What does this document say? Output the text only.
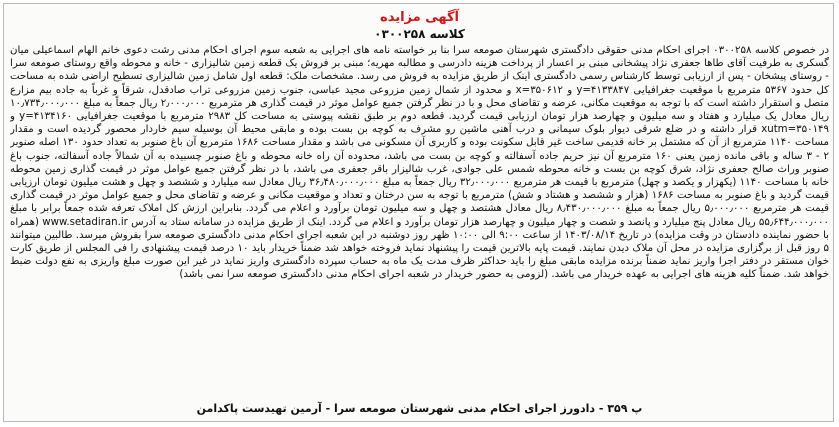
آگهی مزایده
کلاسه ۰۳۰۰۲۵۸

در خصوص کلاسه ۰۳۰۰۲۵۸ اجرای احکام مدنی حقوقی دادگستری شهرستان صومعه سرا بنا بر خواسته نامه های اجرایی به شعبه سوم اجرای احکام مدنی رشت دعوی خانم الهام اسماعیلی میان گسکری به طرفیت آقای طاها جعفری نژاد پیشخانی مبنی بر اعسار از پرداخت هزینه دادرسی و مطالبه مهریه؛ مبنی بر فروش یک قطعه زمین شالیزاری - خانه و محوطه واقع روستای صومعه سرا - روستای پیشخان - پس از ارزیابی توسط کارشناس رسمی دادگستری اینک از طریق مزایده به فروش می رسد. مشخصات ملک: قطعه اول شامل زمین شالیزاری تسطیح اراضی شده به مساحت کل حدود ۵۳۶۷ مترمربع با موقعیت جغرافیایی ۴۱۳۳۸۴۷=y و ۳۵۰۶۱۲=x و محدود از شمال زمین مزروعی مجید عباسی، جنوب زمین مزروعی تراب صادقدل، شرقاً و غرباً به جاده بیم مزارع متصل و استقرار داشته است که با توجه به موقعیت مکانی، عرضه و تقاضای محل و با در نظر گرفتن جمیع عوامل موثر در قیمت گذاری هر مترمربع ۲٫۰۰۰٫۰۰۰ ریال جمعاً به مبلغ ۱۰٫۷۳۴٫۰۰۰٫۰۰۰ ریال معادل یک میلیارد و هفتاد و سه میلیون و چهارصد هزار تومان ارزیابی قیمت گردید. قطعه دوم بر طبق نقشه پیوستی به مساحت کل ۲۹۸۳ مترمربع با موقعیت جغرافیایی ۴۱۳۴۱۶۰=y و ۳۵۰۱۴۹=xutm قرار داشته و در ضلع شرقی دیوار بلوک سیمانی و درب آهنی ماشین رو مشرف به کوچه بن بست بوده و مابقی محیط آن بوسیله سیم خاردار محصور گردیده است و مقدار مساحت ۱۱۴۰ مترمربع از آن که مشتمل بر خانه قدیمی ساخت غیر قابل سکونت بوده و کاربری آن مسکونی می باشد و مقدار مساحت ۱۶۸۶ مترمربع آن باغ صنوبر به تعداد حدود ۱۳۰ اصله صنوبر ۲ - ۳ ساله و باقی مانده زمین یعنی ۱۶۰ مترمربع آن نیز حریم جاده آسفالته و کوچه بن بست می باشد، محدوده آن راه خانه محوطه و باغ صنوبر چسبیده به آن شمالاً جاده آسفالته، جنوب باغ صنوبر وراث صالح جعفری نژاد، شرق کوچه بن بست و خانه محوطه شمس علی جوادی، غرب شالیزار باقر جعفری می باشد، با در نظر گرفتن جمیع عوامل موثر در قیمت گذاری زمین محوطه خانه با مساحت ۱۱۴۰ (یکهزار و یکصد و چهل) مترمربع با قیمت هر مترمربع ۳۲٫۰۰۰٫۰۰۰ ریال جمعاً به مبلغ ۳۶٫۴۸۰٫۰۰۰٫۰۰۰ ریال معادل سه میلیارد و ششصد و چهل و هشت میلیون تومان ارزیابی قیمت گردید و باغ صنوبر به مساحت ۱۶۸۶ (هزار و ششصد و هشتاد و شش) مترمربع با توجه به سن درختان و تعداد و موقعیت مکانی و عرضه و تقاضای محل و جمیع عوامل موثر در قیمت گذاری قیمت هر مترمربع ۵٫۰۰۰٫۰۰۰ ریال جمعاً به مبلغ ۸٫۴۳۰٫۰۰۰٫۰۰۰ ریال معادل هشتصد و چهل و سه میلیون تومان برآورد و اعلام می گردد. بنابراین ارزش کل املاک تعرفه شده جمعاً برابر با مبلغ ۵۵٫۶۴۴٫۰۰۰٫۰۰۰ ریال معادل پنج میلیارد و پانصد و شصت و چهار میلیون و چهارصد هزار تومان برآورد و اعلام می گردد. اینک از طریق مزایده در سامانه ستاد به آدرس www.setadiran.ir (همراه با حضور نماینده دادستان در وقت مزایده) در تاریخ ۱۴۰۳/۰۸/۱۴ از ساعت ۹:۰۰ الی ۱۰:۰۰ ظهر روز دوشنبه در این شعبه اجرای احکام مدنی دادگستری صومعه سرا بفروش میرسد. طالبین میتوانند ۵ روز قبل از برگزاری مزایده در محل آن ملاک دیدن نمایند. قیمت پایه بالاترین قیمت را پیشنهاد نماید فروخته خواهد شد ضمناً خریدار باید ۱۰ درصد قیمت پیشنهادی را فی المجلس از طریق کارت خوان مستقر در دفتر اجرا واریز نماید ضمناً برنده مزایده مابقی مبلغ را باید حداکثر ظرف مدت یک ماه به حساب سپرده دادگستری واریز نماید در غیر این صورت مبلغ واریزی به نفع دولت ضبط خواهد شد. ضمناً کلیه هزینه های اجرایی به عهده خریدار می باشد. (لزومی به حضور خریدار در شعبه اجرای احکام مدنی دادگستری صومعه سرا نمی باشد)

پ ۳۵۹ - دادورز اجرای احکام مدنی شهرستان صومعه سرا - آرمین تهیدست پاکدامن
